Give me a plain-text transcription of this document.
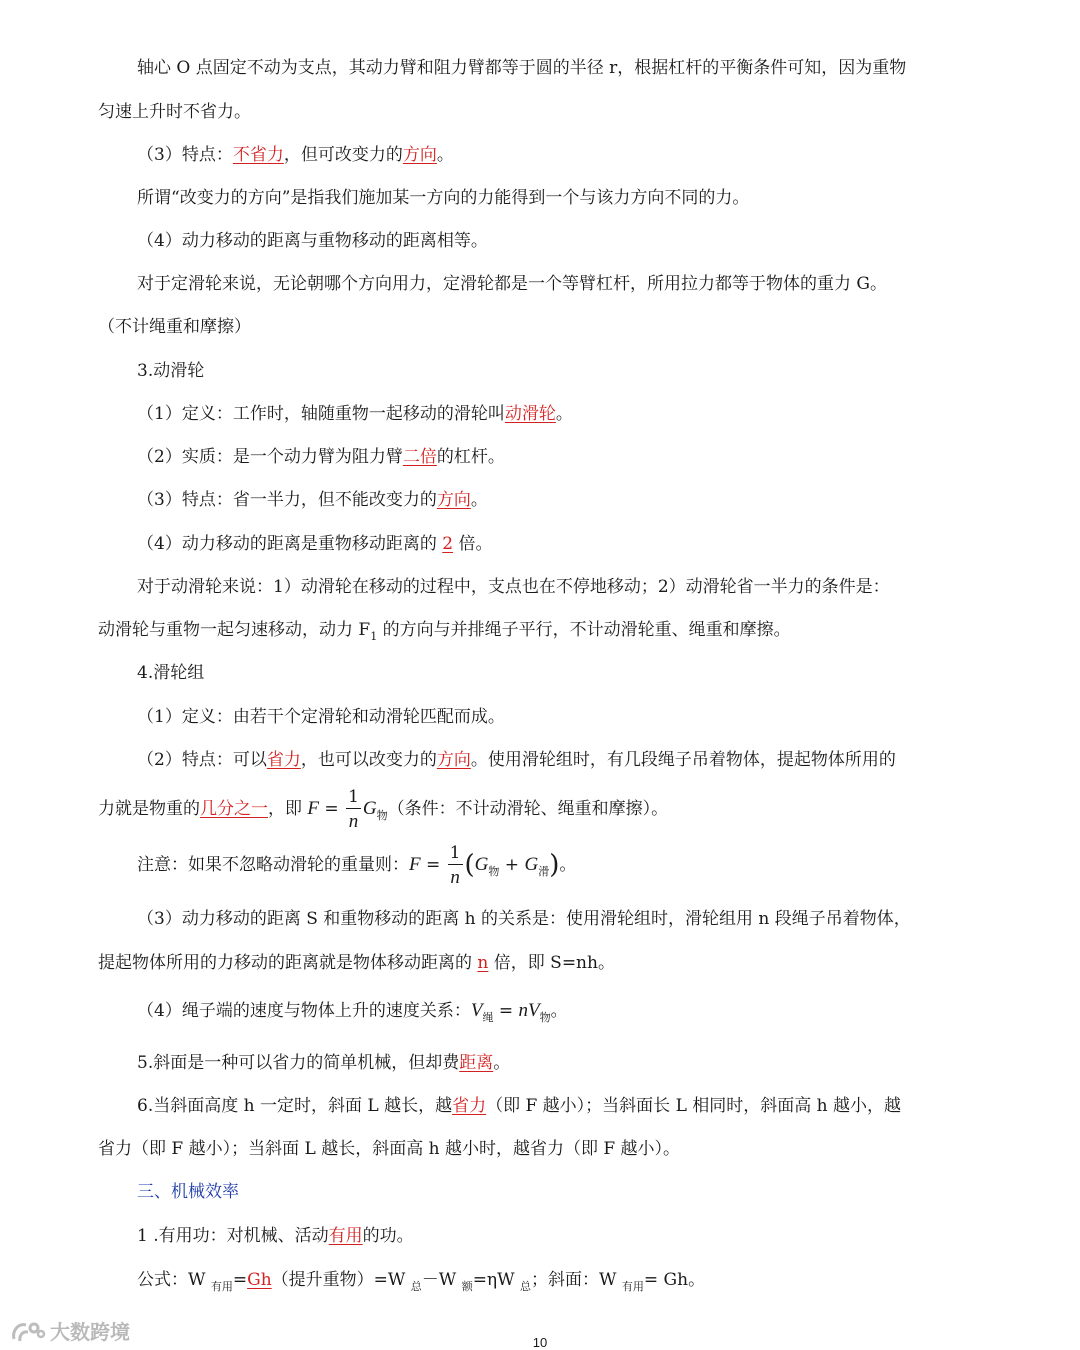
轴心 O 点固定不动为支点，其动力臂和阻力臂都等于圆的半径 r，根据杠杆的平衡条件可知，因为重物
匀速上升时不省力。
（3）特点：不省力，但可改变力的方向。
所谓“改变力的方向”是指我们施加某一方向的力能得到一个与该力方向不同的力。
（4）动力移动的距离与重物移动的距离相等。
对于定滑轮来说，无论朝哪个方向用力，定滑轮都是一个等臂杠杆，所用拉力都等于物体的重力 G。
（不计绳重和摩擦）
3.动滑轮
（1）定义：工作时，轴随重物一起移动的滑轮叫动滑轮。
（2）实质：是一个动力臂为阻力臂二倍的杠杆。
（3）特点：省一半力，但不能改变力的方向。
（4）动力移动的距离是重物移动距离的 2 倍。
对于动滑轮来说：1）动滑轮在移动的过程中，支点也在不停地移动；2）动滑轮省一半力的条件是：
动滑轮与重物一起匀速移动，动力 $F_1$ 的方向与并排绳子平行，不计动滑轮重、绳重和摩擦。
4.滑轮组
（1）定义：由若干个定滑轮和动滑轮匹配而成。
（2）特点：可以省力，也可以改变力的方向。使用滑轮组时，有几段绳子吊着物体，提起物体所用的
力就是物重的几分之一，即 $F = \frac{1}{n} G_物$（条件：不计动滑轮、绳重和摩擦）。
注意：如果不忽略动滑轮的重量则：$F = \frac{1}{n} (G_物 + G_滑)$。
（3）动力移动的距离 S 和重物移动的距离 h 的关系是：使用滑轮组时，滑轮组用 n 段绳子吊着物体，
提起物体所用的力移动的距离就是物体移动距离的 n 倍，即 S=nh。
（4）绳子端的速度与物体上升的速度关系：$V_绳 = nV_物$。
5.斜面是一种可以省力的简单机械，但却费距离。
6.当斜面高度 h 一定时，斜面 L 越长，越省力（即 F 越小）；当斜面长 L 相同时，斜面高 h 越小，越
省力（即 F 越小）；当斜面 L 越长，斜面高 h 越小时，越省力（即 F 越小）。
三、机械效率
1 .有用功：对机械、活动有用的功。
公式：W $_{有用}$=Gh（提升重物）=W $_总$－W $_额$=ηW $_总$；斜面：W $_{有用}$= Gh。
大数跨境	10
